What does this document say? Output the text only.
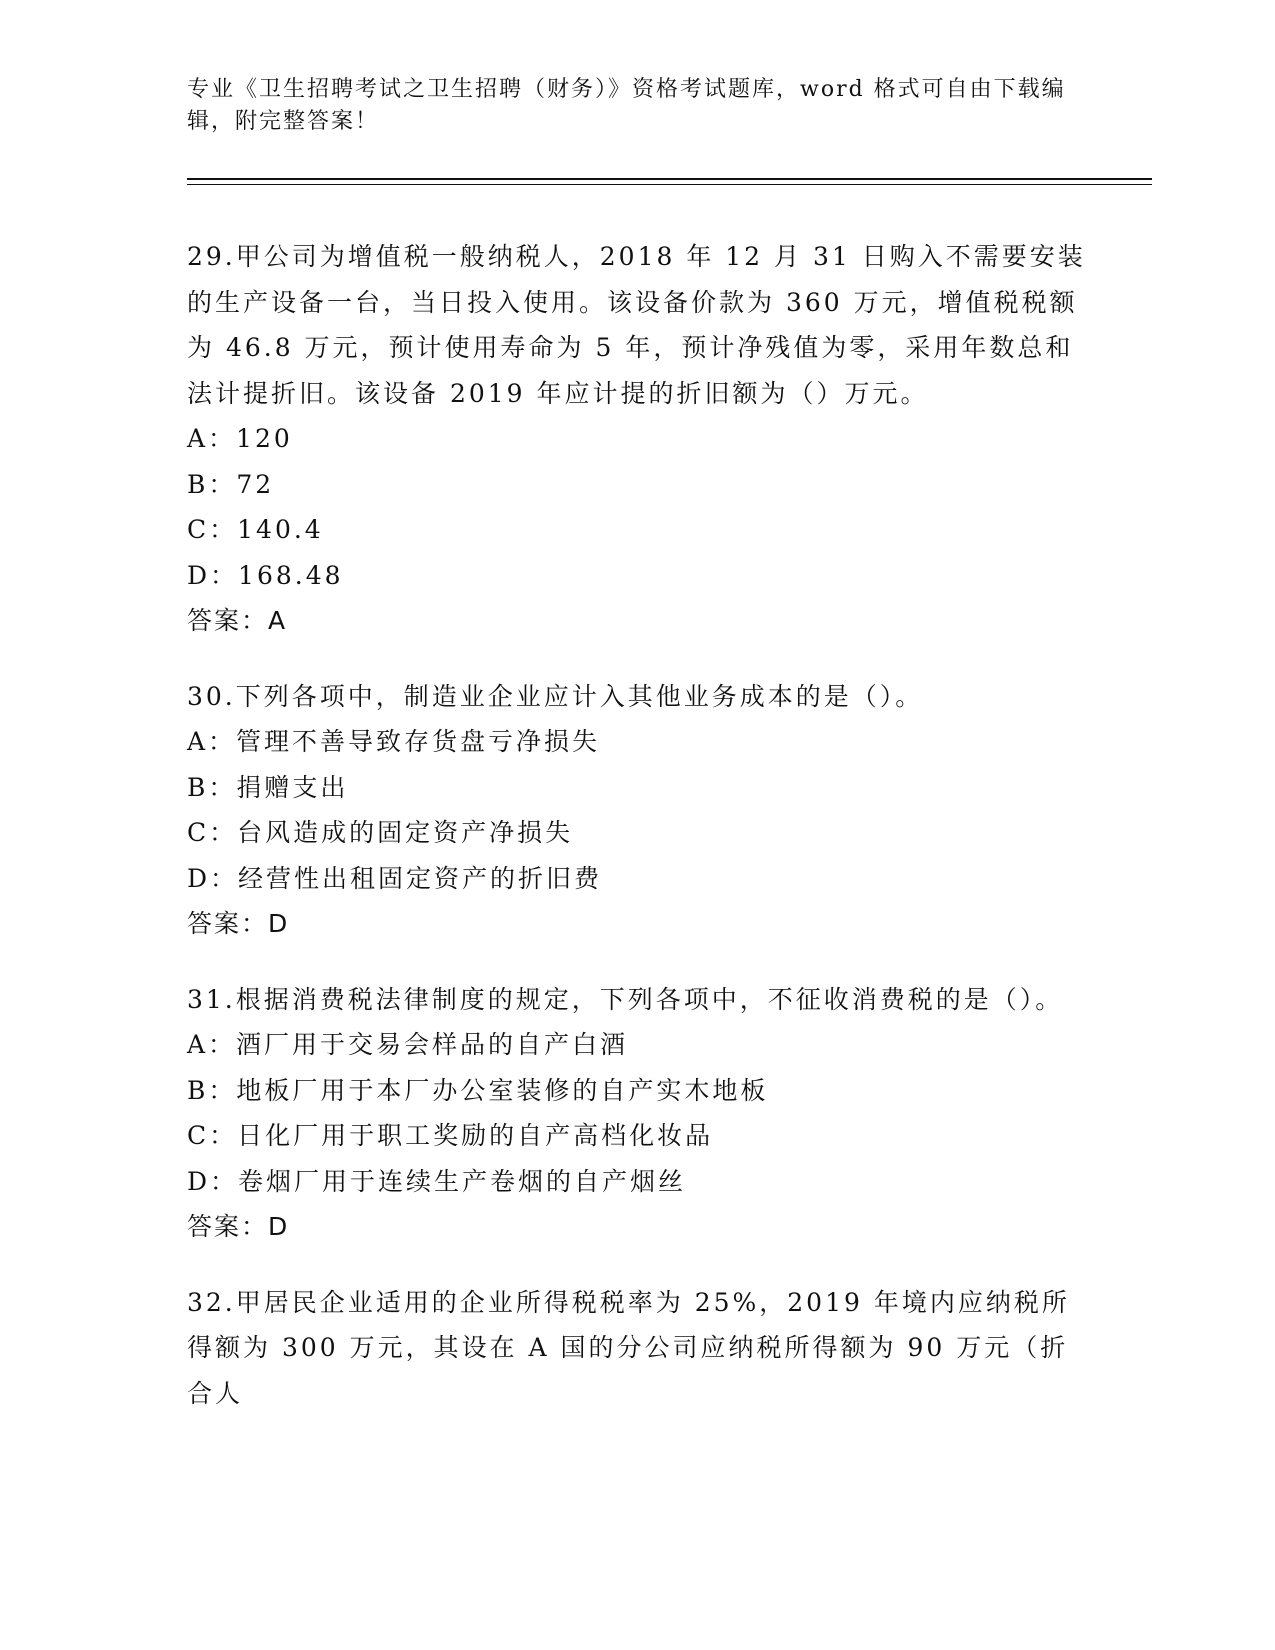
专业《卫生招聘考试之卫生招聘（财务）》资格考试题库，word 格式可自由下载编辑，附完整答案！
29.甲公司为增值税一般纳税人，2018 年 12 月 31 日购入不需要安装的生产设备一台，当日投入使用。该设备价款为 360 万元，增值税税额为 46.8 万元，预计使用寿命为 5 年，预计净残值为零，采用年数总和法计提折旧。该设备 2019 年应计提的折旧额为（）万元。
A：120
B：72
C：140.4
D：168.48
答案：A
30.下列各项中，制造业企业应计入其他业务成本的是（）。
A：管理不善导致存货盘亏净损失
B：捐赠支出
C：台风造成的固定资产净损失
D：经营性出租固定资产的折旧费
答案：D
31.根据消费税法律制度的规定，下列各项中，不征收消费税的是（）。
A：酒厂用于交易会样品的自产白酒
B：地板厂用于本厂办公室装修的自产实木地板
C：日化厂用于职工奖励的自产高档化妆品
D：卷烟厂用于连续生产卷烟的自产烟丝
答案：D
32.甲居民企业适用的企业所得税税率为 25%，2019 年境内应纳税所得额为 300 万元，其设在 A 国的分公司应纳税所得额为 90 万元（折合人
